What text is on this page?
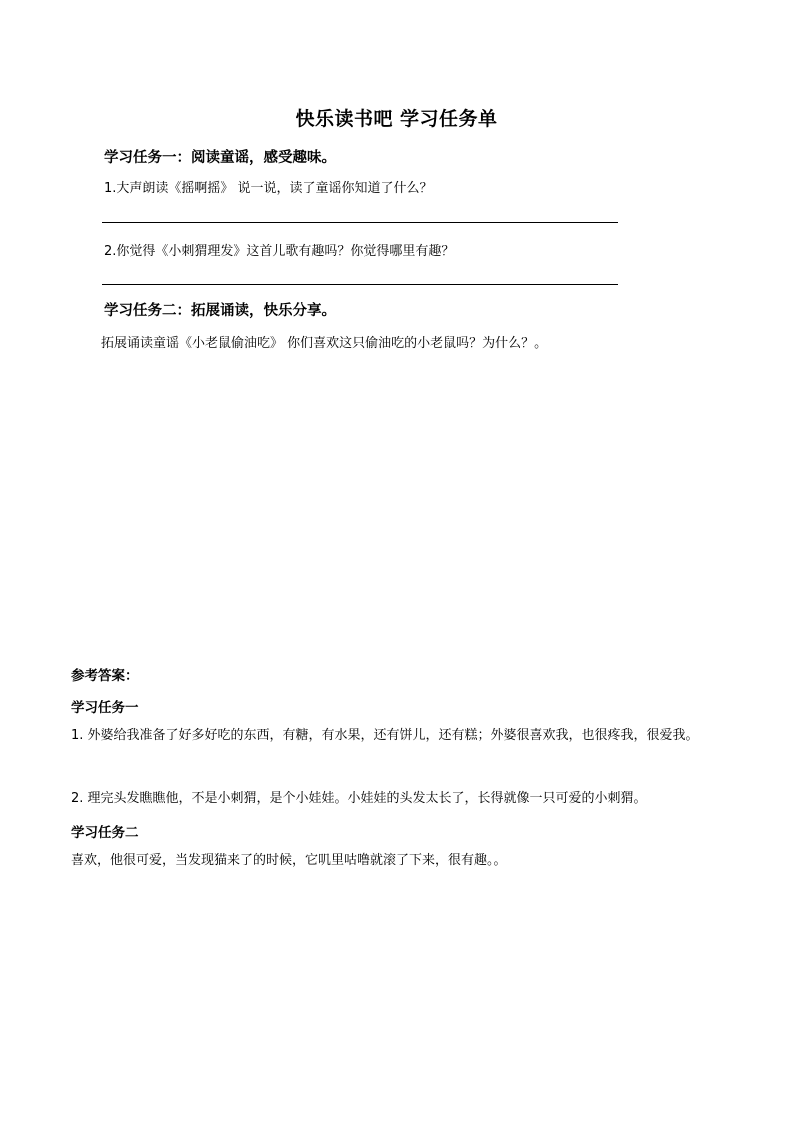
快乐读书吧 学习任务单
学习任务一：阅读童谣，感受趣味。
1.大声朗读《摇啊摇》 说一说，读了童谣你知道了什么？
2.你觉得《小刺猬理发》这首儿歌有趣吗？你觉得哪里有趣？
学习任务二：拓展诵读，快乐分享。
拓展诵读童谣《小老鼠偷油吃》 你们喜欢这只偷油吃的小老鼠吗？为什么？。
参考答案：
学习任务一
1. 外婆给我准备了好多好吃的东西，有糖，有水果，还有饼儿，还有糕；外婆很喜欢我，也很疼我，很爱我。
2. 理完头发瞧瞧他，不是小刺猬，是个小娃娃。小娃娃的头发太长了，长得就像一只可爱的小刺猬。
学习任务二
喜欢，他很可爱，当发现猫来了的时候，它叽里咕噜就滚了下来，很有趣。。
